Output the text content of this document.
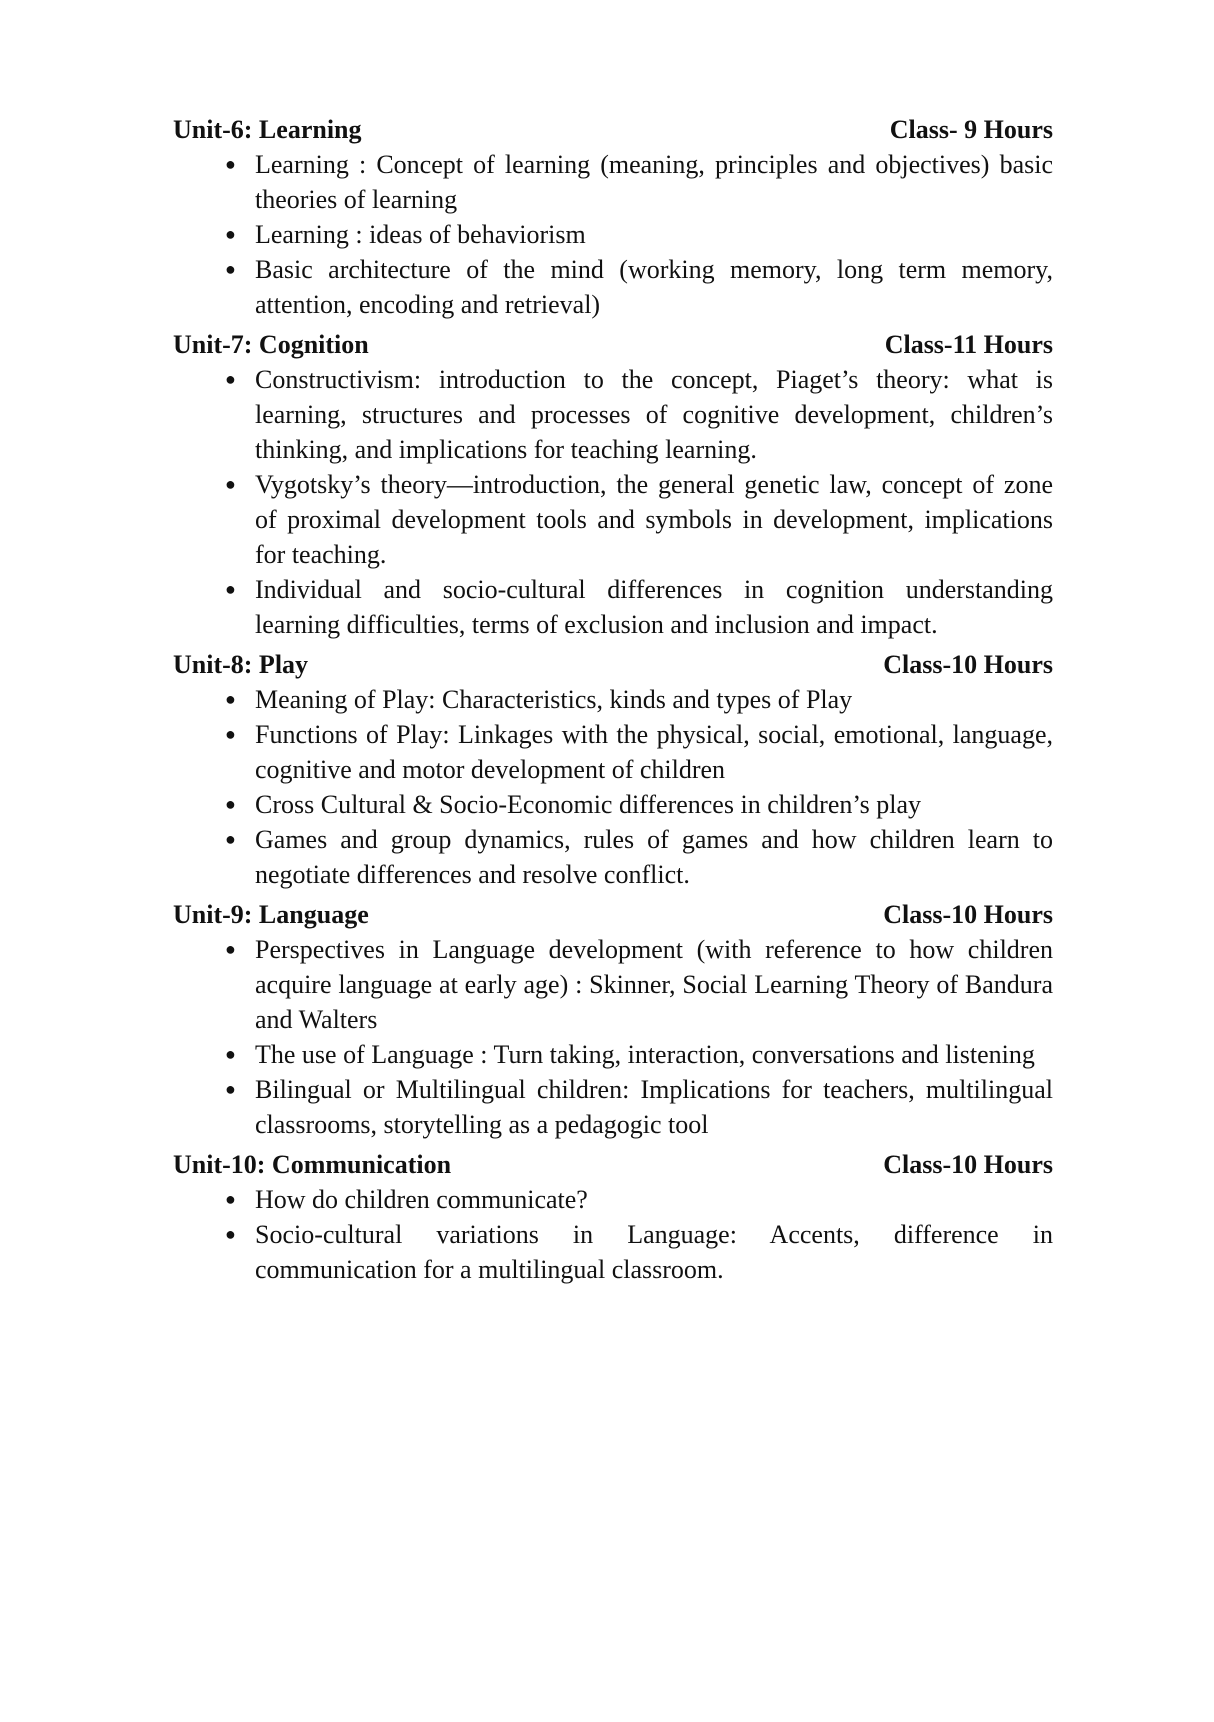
Unit-6: Learning	Class- 9 Hours
● Learning : Concept of learning (meaning, principles and objectives) basic theories of learning
● Learning : ideas of behaviorism
● Basic architecture of the mind (working memory, long term memory, attention, encoding and retrieval)
Unit-7: Cognition	Class-11 Hours
● Constructivism: introduction to the concept, Piaget’s theory: what is learning, structures and processes of cognitive development, children’s thinking, and implications for teaching learning.
● Vygotsky’s theory—introduction, the general genetic law, concept of zone of proximal development tools and symbols in development, implications for teaching.
● Individual and socio-cultural differences in cognition understanding learning difficulties, terms of exclusion and inclusion and impact.
Unit-8: Play	Class-10 Hours
● Meaning of Play: Characteristics, kinds and types of Play
● Functions of Play: Linkages with the physical, social, emotional, language, cognitive and motor development of children
● Cross Cultural & Socio-Economic differences in children’s play
● Games and group dynamics, rules of games and how children learn to negotiate differences and resolve conflict.
Unit-9: Language	Class-10 Hours
● Perspectives in Language development (with reference to how children acquire language at early age) : Skinner, Social Learning Theory of Bandura and Walters
● The use of Language : Turn taking, interaction, conversations and listening
● Bilingual or Multilingual children: Implications for teachers, multilingual classrooms, storytelling as a pedagogic tool
Unit-10: Communication	Class-10 Hours
● How do children communicate?
● Socio-cultural variations in Language: Accents, difference in communication for a multilingual classroom.
